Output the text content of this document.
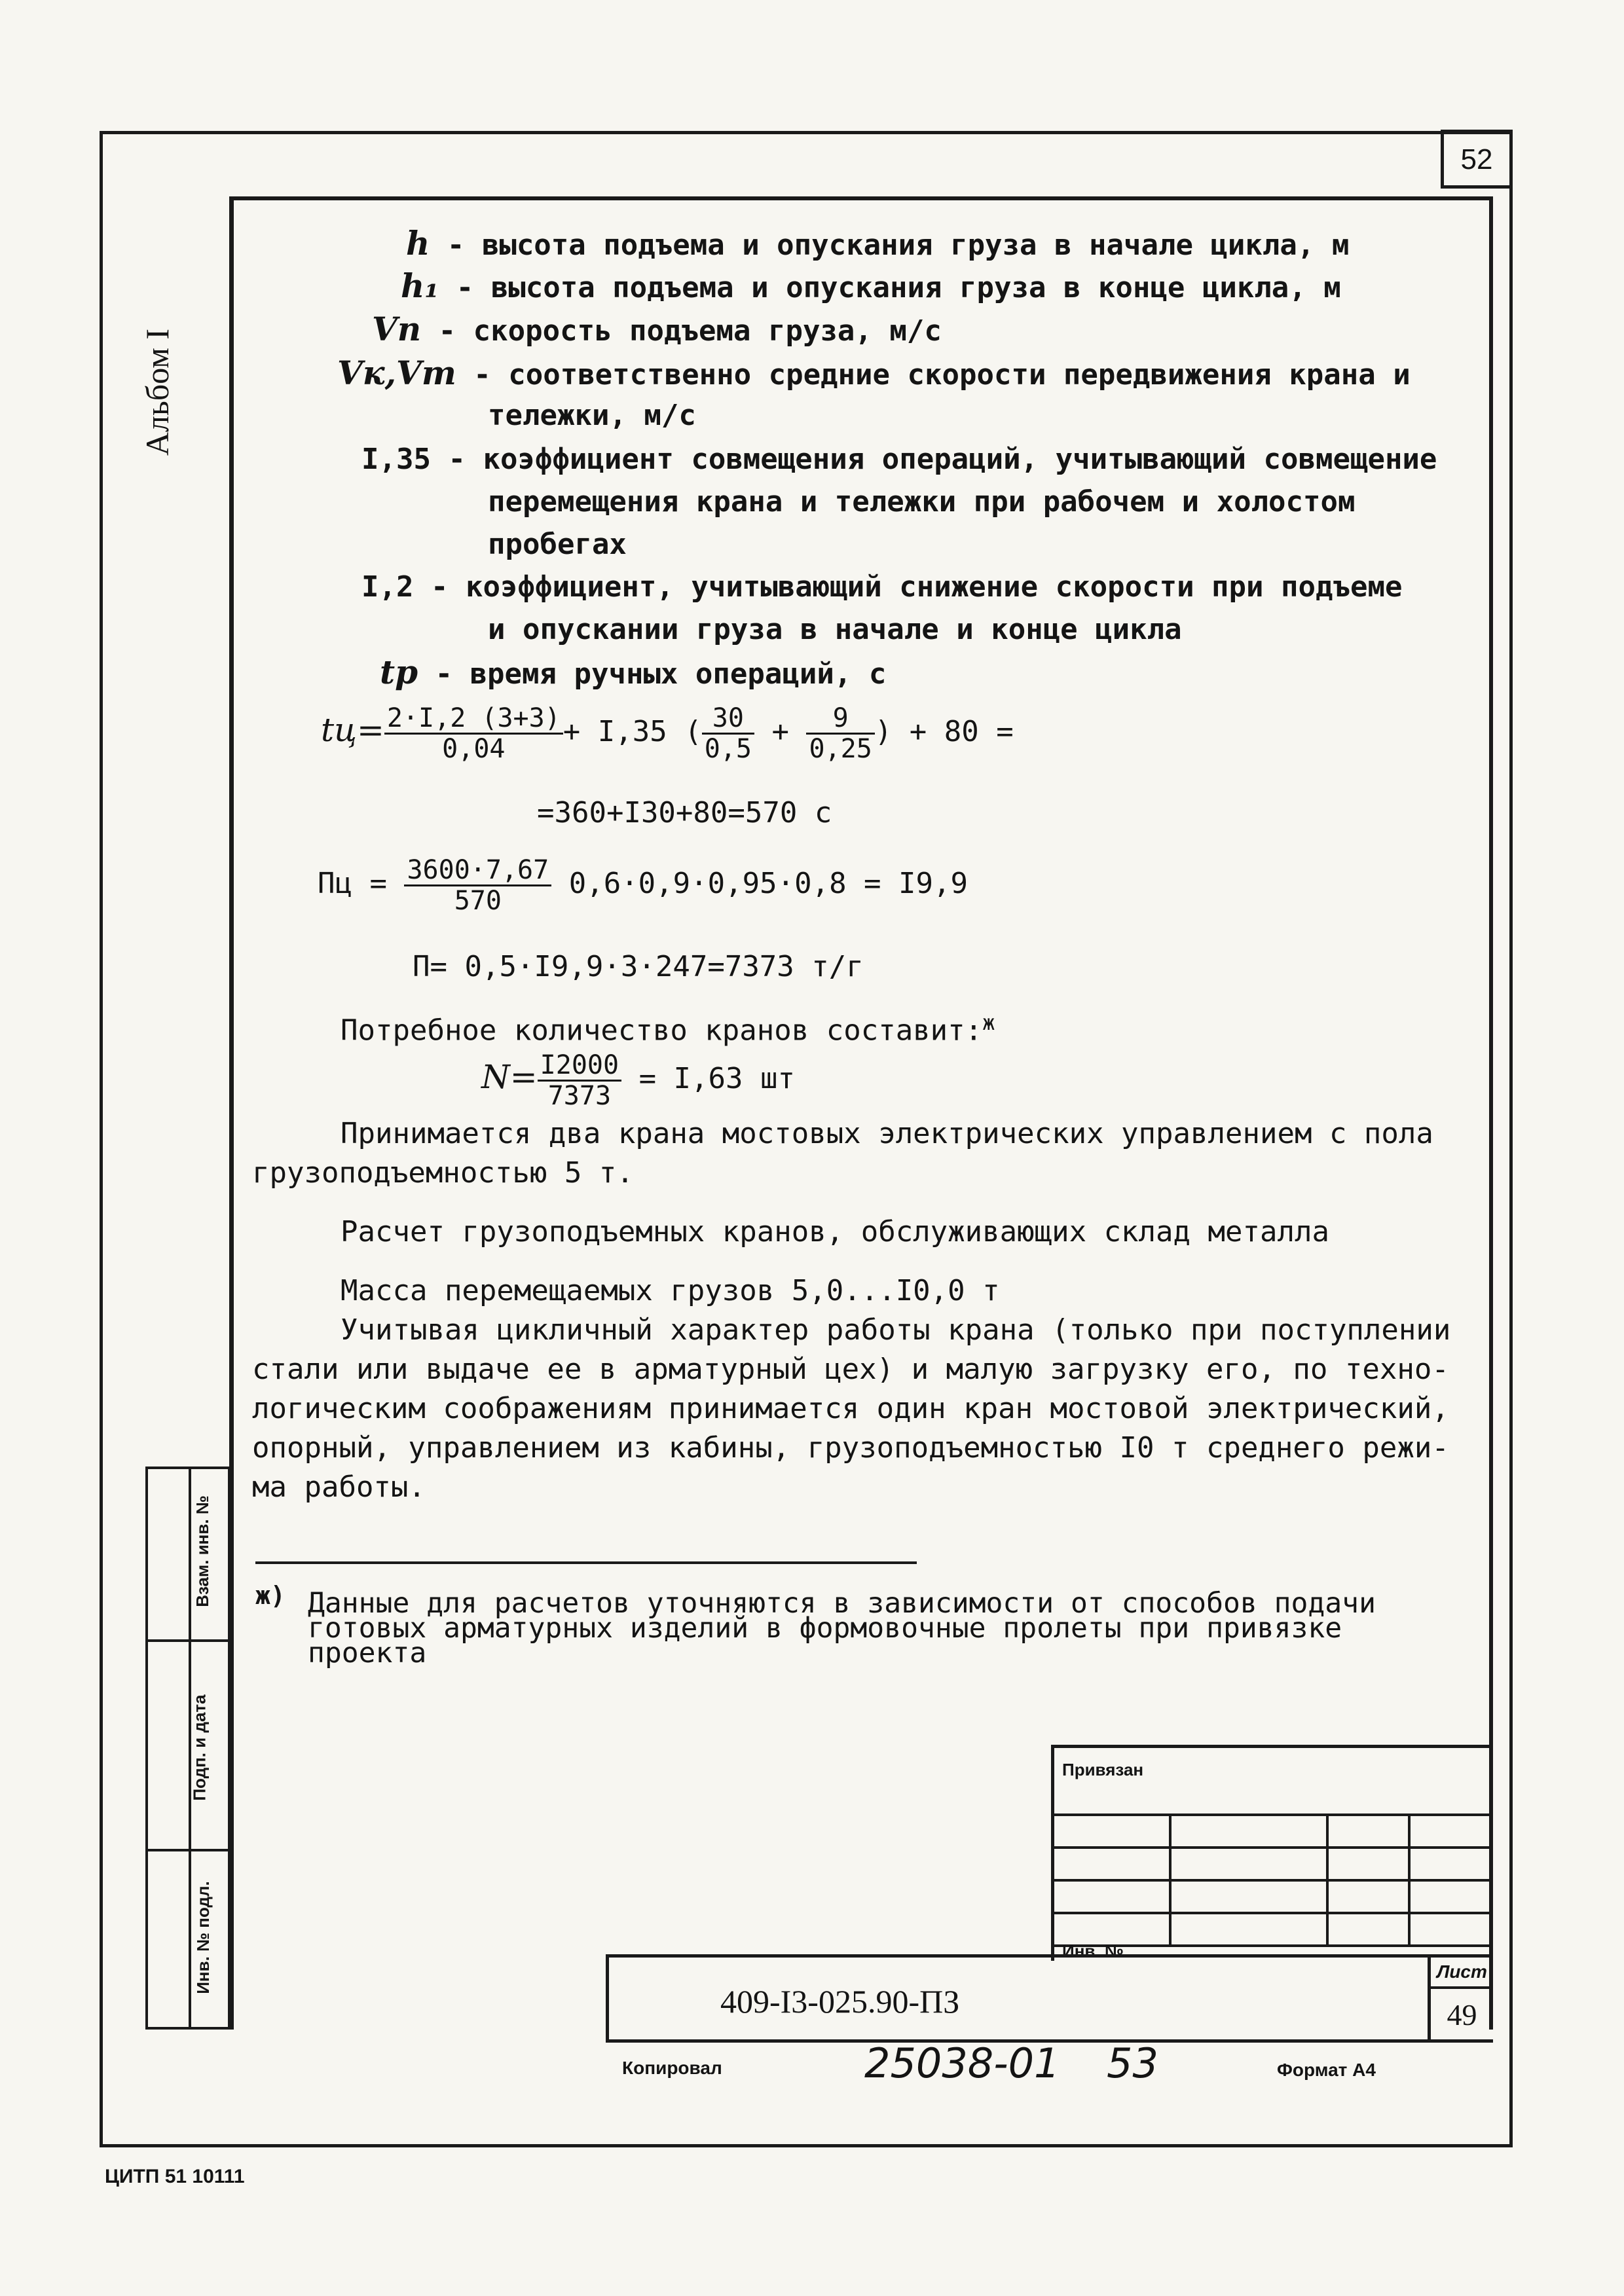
52
Альбом I
Взам. инв. №
Подп. и дата
Инв. № подл.
h - высота подъема и опускания груза в начале цикла, м
h₁ - высота подъема и опускания груза в конце цикла, м
Vп - скорость подъема груза, м/с
Vк,Vт - соответственно средние скорости передвижения крана и
тележки, м/с
I,35 - коэффициент совмещения операций, учитывающий совмещение
перемещения крана и тележки при рабочем и холостом
пробегах
I,2 - коэффициент, учитывающий снижение скорости при подъеме
и опускании груза в начале и конце цикла
tр - время ручных операций, с
$tц= \frac{2\cdot I,2 (3+3)}{0,04} + I,35$ ( $\frac{30}{0,5} + \frac{9}{0,25}$ ) + 80 =
=360+I30+80=570 с
Пц = $\frac{3600\cdot 7,67}{570} 0,6\cdot 0,9\cdot 0,95\cdot 0,8 = I9,9$
П= 0,5·I9,9·3·247=7373 т/г
Потребное количество кранов составит:$^ж$
$N= \frac{I2000}{7373} = I,63$ шт
Принимается два крана мостовых электрических управлением с пола
грузоподъемностью 5 т.
Расчет грузоподъемных кранов, обслуживающих склад металла
Масса перемещаемых грузов 5,0...I0,0 т
Учитывая цикличный характер работы крана (только при поступлении
стали или выдаче ее в арматурный цех) и малую загрузку его, по техно-
логическим соображениям принимается один кран мостовой электрический,
опорный, управлением из кабины, грузоподъемностью I0 т среднего режи-
ма работы.
ж) Данные для расчетов уточняются в зависимости от способов подачи
готовых арматурных изделий в формовочные пролеты при привязке
проекта
Привязан
Инв. №
409-I3-025.90-ПЗ
Лист
49
Копировал	25038-01 53	Формат А4
ЦИТП 51 10111
